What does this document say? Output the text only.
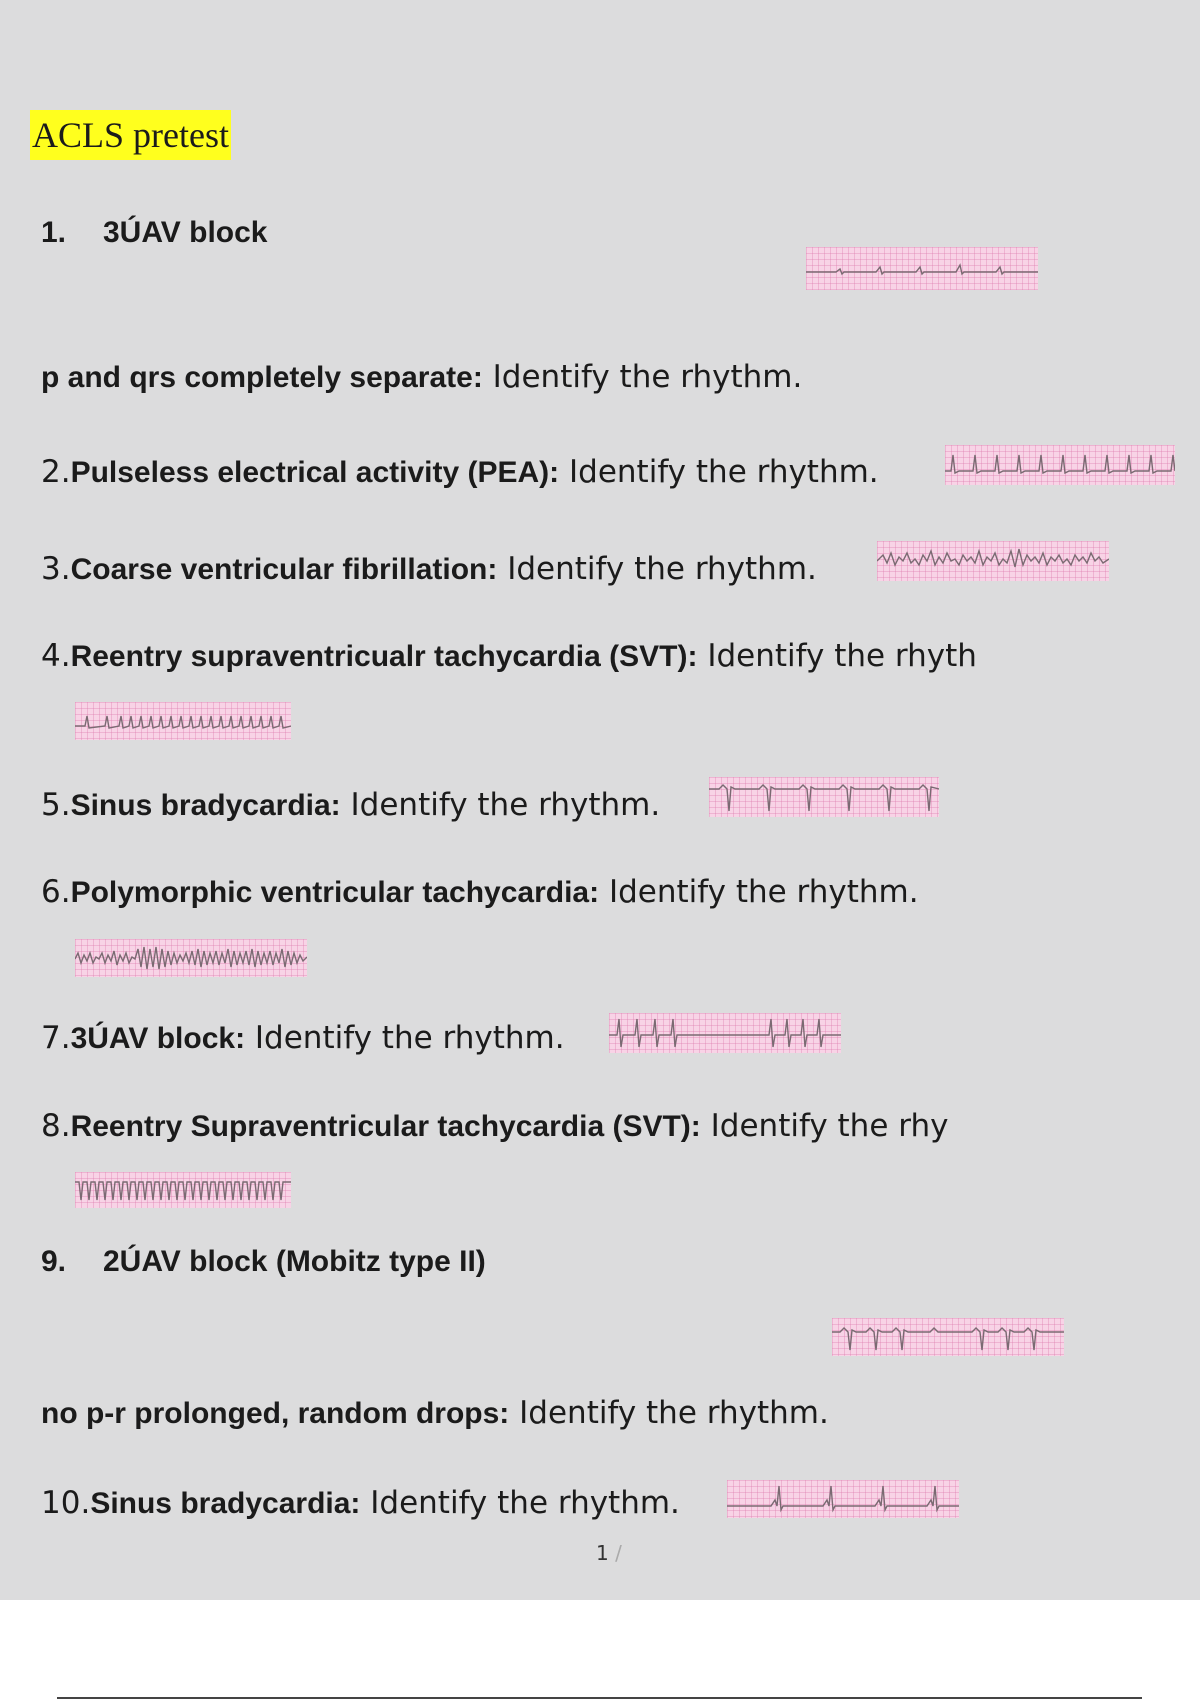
ACLS pretest
1. 3ÚAV block
p and qrs completely separate: Identify the rhythm.
2.Pulseless electrical activity (PEA): Identify the rhythm.
3.Coarse ventricular fibrillation: Identify the rhythm.
4.Reentry supraventricualr tachycardia (SVT): Identify the rhyth
5.Sinus bradycardia: Identify the rhythm.
6.Polymorphic ventricular tachycardia: Identify the rhythm.
7.3ÚAV block: Identify the rhythm.
8.Reentry Supraventricular tachycardia (SVT): Identify the rhy
9. 2ÚAV block (Mobitz type II)
no p-r prolonged, random drops: Identify the rhythm.
10.Sinus bradycardia: Identify the rhythm.
1 /
